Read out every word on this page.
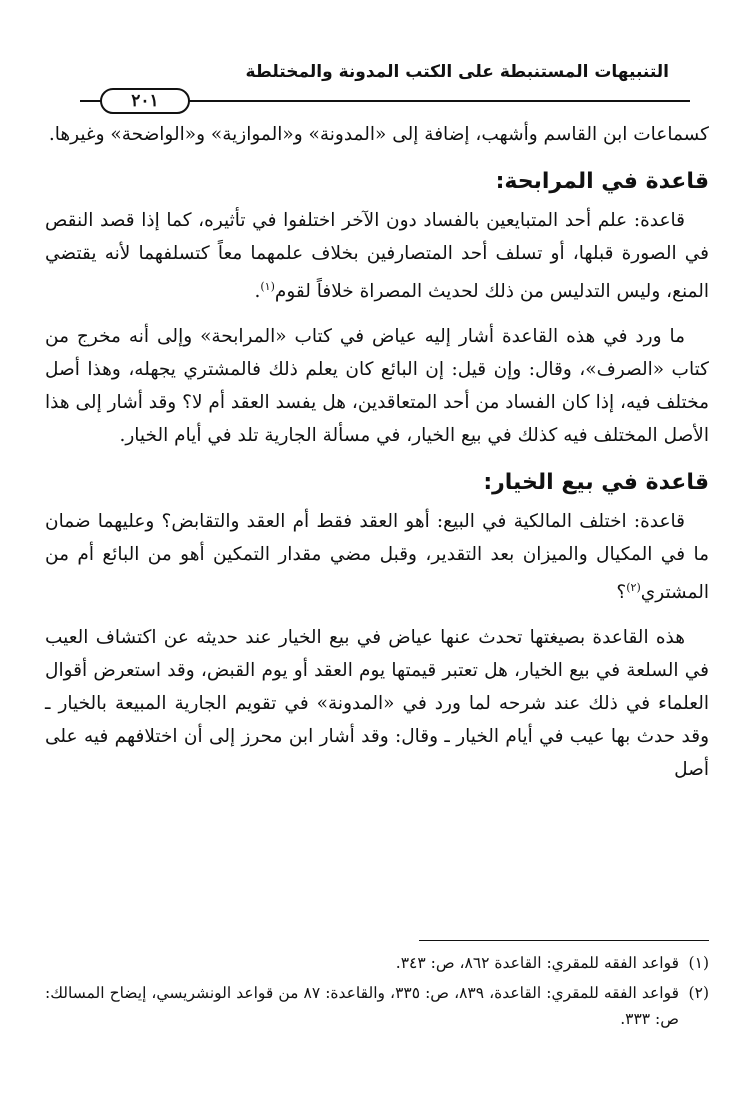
التنبيهات المستنبطة على الكتب المدونة والمختلطة
٢٠١

كسماعات ابن القاسم وأشهب، إضافة إلى «المدونة» و«الموازية» و«الواضحة» وغيرها.

قاعدة في المرابحة:

قاعدة: علم أحد المتبايعين بالفساد دون الآخر اختلفوا في تأثيره، كما إذا قصد النقص في الصورة قبلها، أو تسلف أحد المتصارفين بخلاف علمهما معاً كتسلفهما لأنه يقتضي المنع، وليس التدليس من ذلك لحديث المصراة خلافاً لقوم$^{(١)}$.

ما ورد في هذه القاعدة أشار إليه عياض في كتاب «المرابحة» وإلى أنه مخرج من كتاب «الصرف»، وقال: وإن قيل: إن البائع كان يعلم ذلك فالمشتري يجهله، وهذا أصل مختلف فيه، إذا كان الفساد من أحد المتعاقدين، هل يفسد العقد أم لا؟ وقد أشار إلى هذا الأصل المختلف فيه كذلك في بيع الخيار، في مسألة الجارية تلد في أيام الخيار.

قاعدة في بيع الخيار:

قاعدة: اختلف المالكية في البيع: أهو العقد فقط أم العقد والتقابض؟ وعليهما ضمان ما في المكيال والميزان بعد التقدير، وقبل مضي مقدار التمكين أهو من البائع أم من المشتري$^{(٢)}$؟

هذه القاعدة بصيغتها تحدث عنها عياض في بيع الخيار عند حديثه عن اكتشاف العيب في السلعة في بيع الخيار، هل تعتبر قيمتها يوم العقد أو يوم القبض، وقد استعرض أقوال العلماء في ذلك عند شرحه لما ورد في «المدونة» في تقويم الجارية المبيعة بالخيار ـ وقد حدث بها عيب في أيام الخيار ـ وقال: وقد أشار ابن محرز إلى أن اختلافهم فيه على أصل

(١)
قواعد الفقه للمقري: القاعدة ٨٦٢، ص: ٣٤٣.
(٢)
قواعد الفقه للمقري: القاعدة، ٨٣٩، ص: ٣٣٥، والقاعدة: ٨٧ من قواعد الونشريسي، إيضاح المسالك: ص: ٣٣٣.
